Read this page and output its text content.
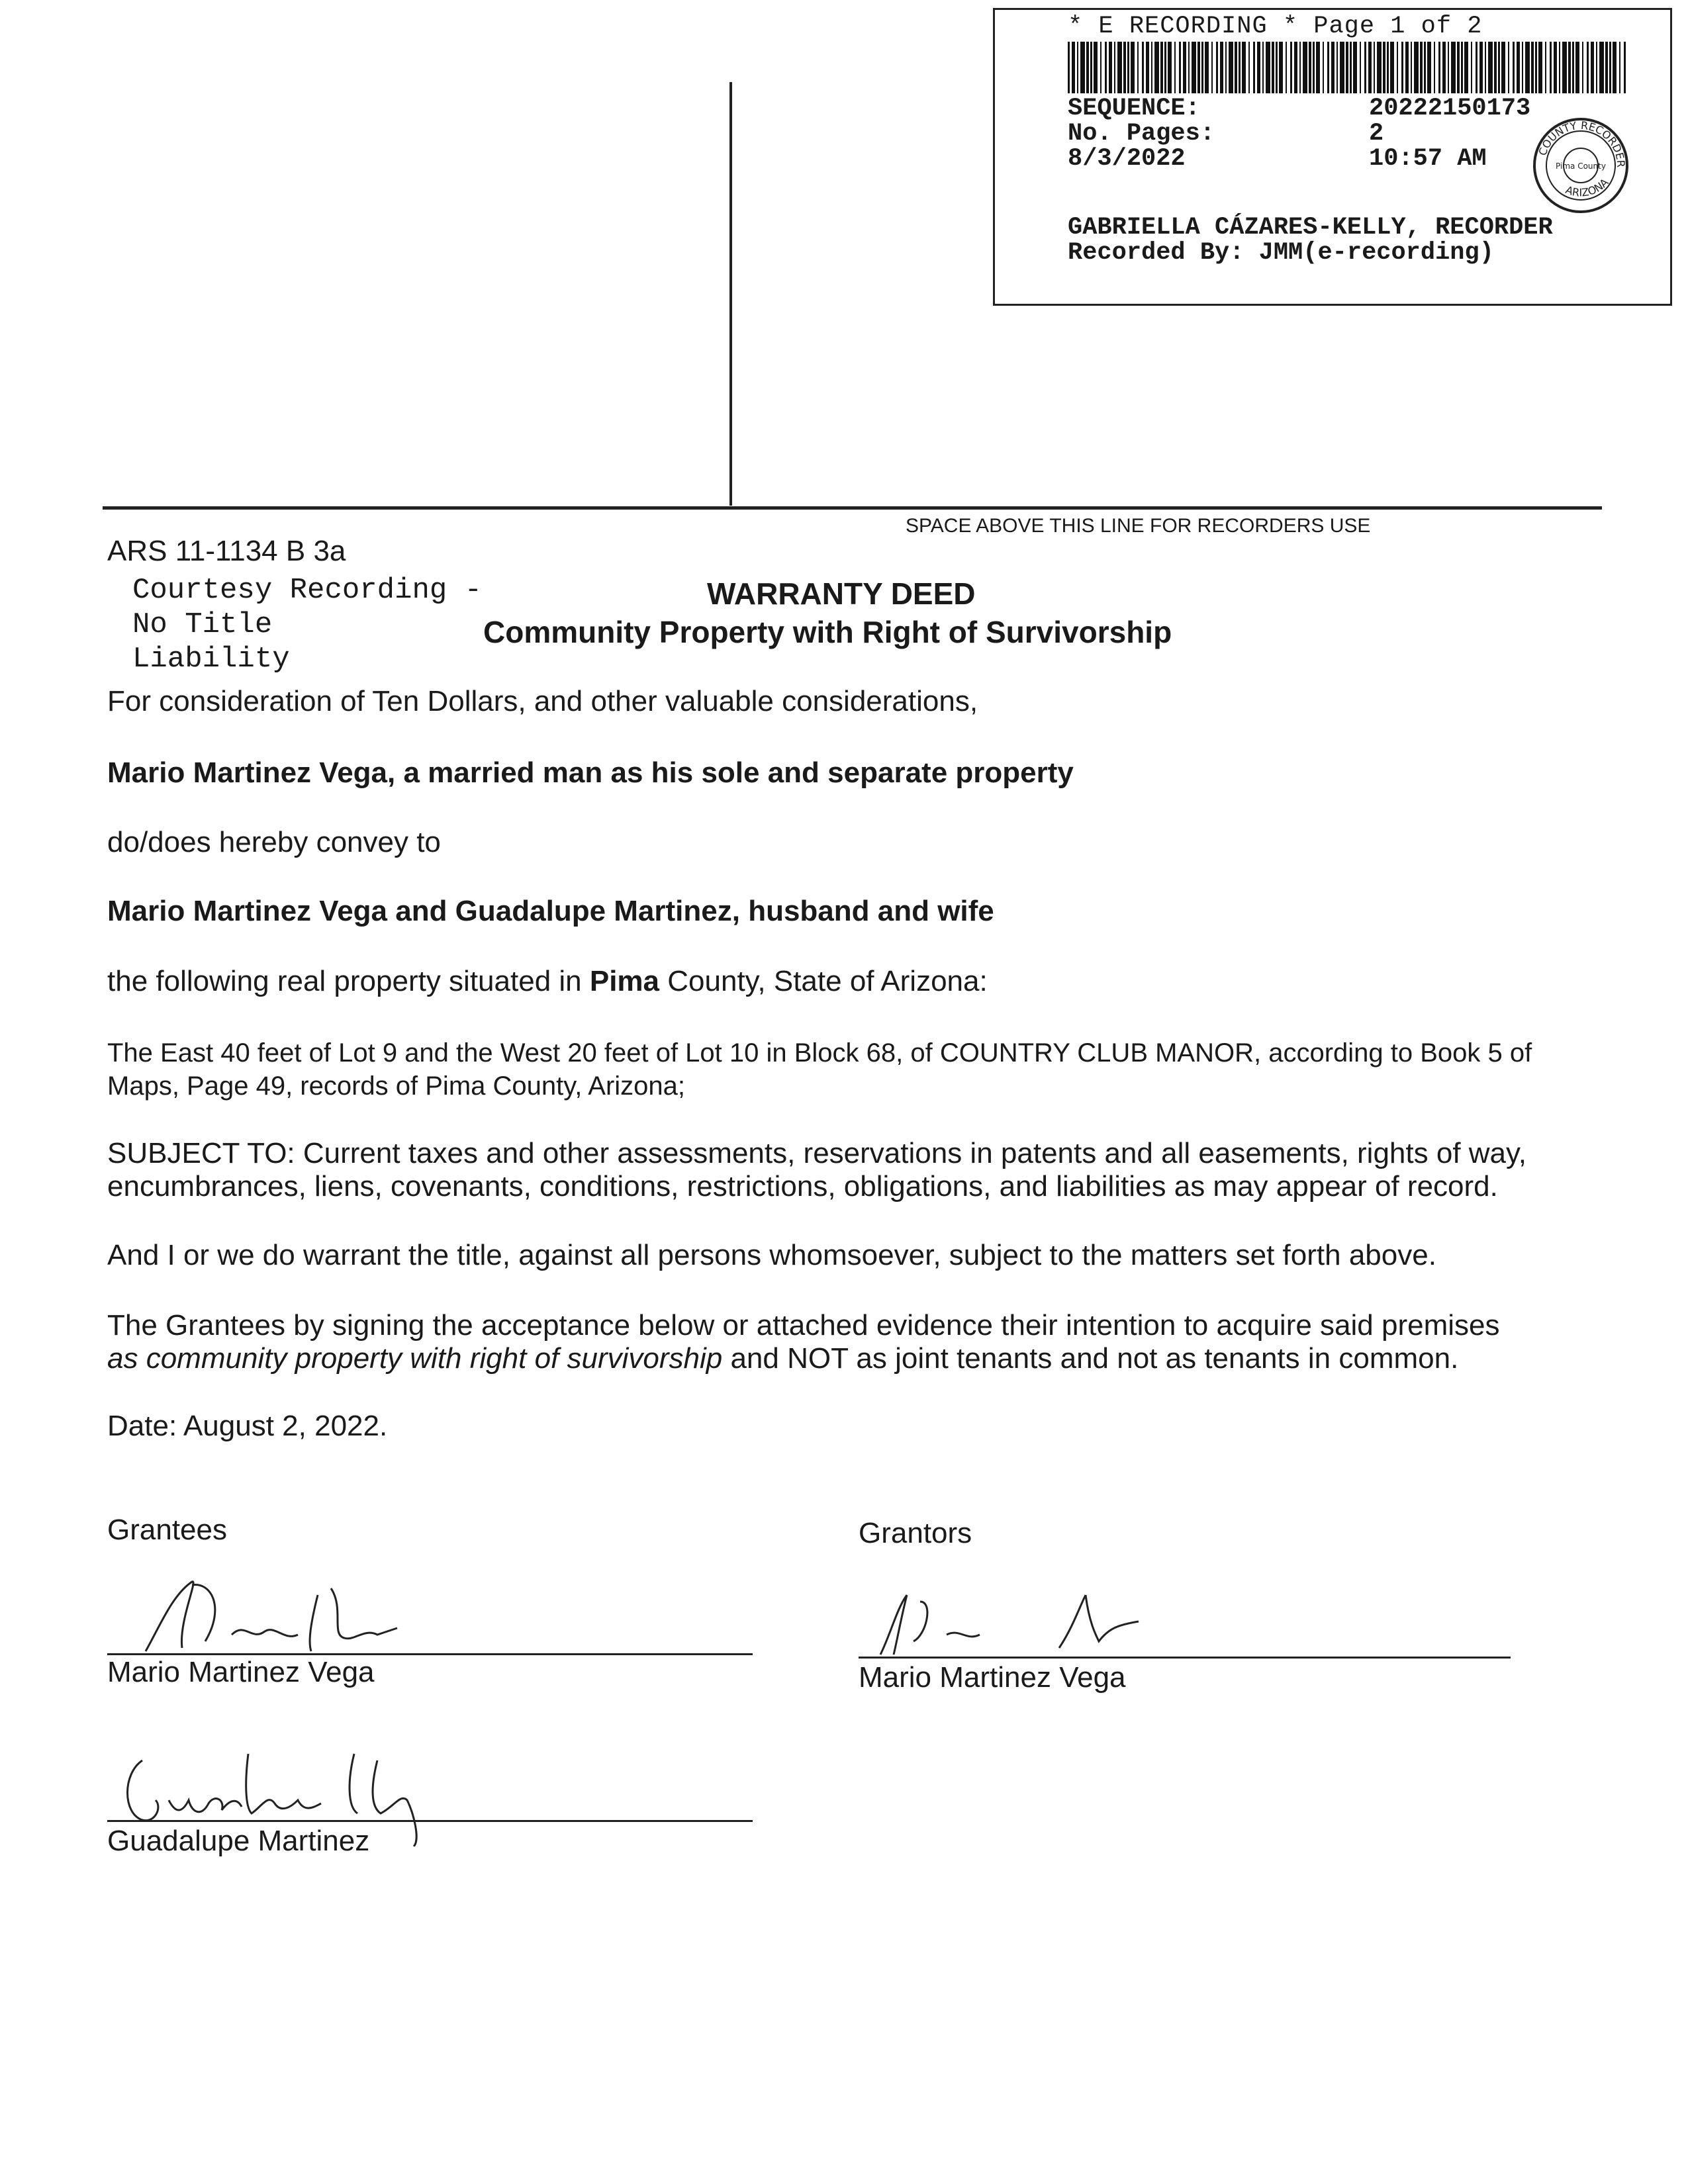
* E RECORDING * Page 1 of 2
SEQUENCE:	20222150173
No. Pages:	2
8/3/2022	10:57 AM	COUNTY RECORDER
ARIZONA
Pima County
GABRIELLA CÁZARES-KELLY, RECORDER
Recorded By: JMM(e-recording)
SPACE ABOVE THIS LINE FOR RECORDERS USE
ARS 11-1134 B 3a
Courtesy Recording -
No Title
Liability
WARRANTY DEED
Community Property with Right of Survivorship
For consideration of Ten Dollars, and other valuable considerations,
Mario Martinez Vega, a married man as his sole and separate property
do/does hereby convey to
Mario Martinez Vega and Guadalupe Martinez, husband and wife
the following real property situated in Pima County, State of Arizona:
The East 40 feet of Lot 9 and the West 20 feet of Lot 10 in Block 68, of COUNTRY CLUB MANOR, according to Book 5 of
Maps, Page 49, records of Pima County, Arizona;
SUBJECT TO: Current taxes and other assessments, reservations in patents and all easements, rights of way,
encumbrances, liens, covenants, conditions, restrictions, obligations, and liabilities as may appear of record.
And I or we do warrant the title, against all persons whomsoever, subject to the matters set forth above.
The Grantees by signing the acceptance below or attached evidence their intention to acquire said premises
as community property with right of survivorship and NOT as joint tenants and not as tenants in common.
Date: August 2, 2022.
Grantees	Grantors
Mario Martinez Vega	Mario Martinez Vega
Guadalupe Martinez
